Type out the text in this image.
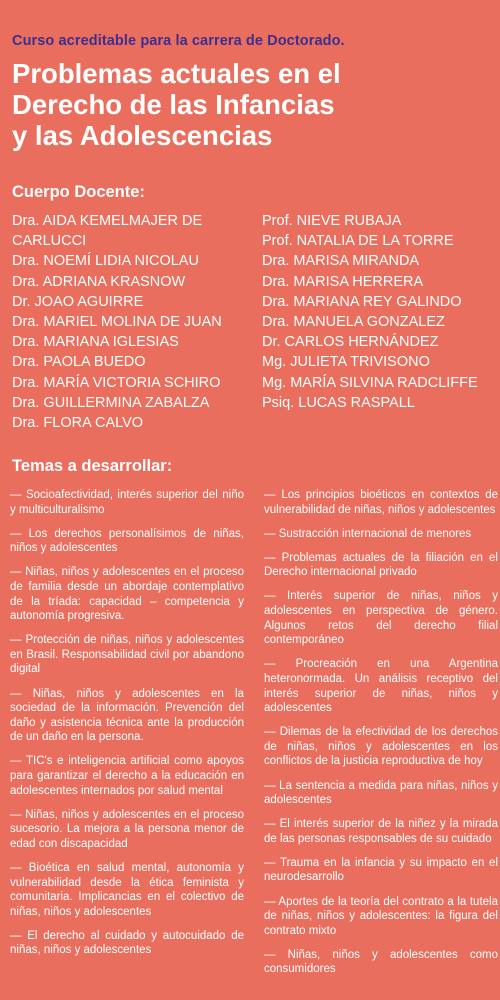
Curso acreditable para la carrera de Doctorado.
Problemas actuales en el
Derecho de las Infancias
y las Adolescencias
Cuerpo Docente:
Dra. AIDA KEMELMAJER DE CARLUCCI
Dra. NOEMÍ LIDIA NICOLAU
Dra. ADRIANA KRASNOW
Dr. JOAO AGUIRRE
Dra. MARIEL MOLINA DE JUAN
Dra. MARIANA IGLESIAS
Dra. PAOLA BUEDO
Dra. MARÍA VICTORIA SCHIRO
Dra. GUILLERMINA ZABALZA
Dra. FLORA CALVO
Prof. NIEVE RUBAJA
Prof. NATALIA DE LA TORRE
Dra. MARISA MIRANDA
Dra. MARISA HERRERA
Dra. MARIANA REY GALINDO
Dra. MANUELA GONZALEZ
Dr. CARLOS HERNÁNDEZ
Mg. JULIETA TRIVISONO
Mg. MARÍA SILVINA RADCLIFFE
Psiq. LUCAS RASPALL
Temas a desarrollar:

— Socioafectividad, interés superior del niño y multiculturalismo

— Los derechos personalísimos de niñas, niños y adolescentes

— Niñas, niños y adolescentes en el proceso de familia desde un abordaje contemplativo de la tríada: capacidad – competencia y autonomía progresiva.

— Protección de niñas, niños y adolescentes en Brasil. Responsabilidad civil por abandono digital

— Niñas, niños y adolescentes en la sociedad de la información. Prevención del daño y asistencia técnica ante la producción de un daño en la persona.

— TIC's e inteligencia artificial como apoyos para garantizar el derecho a la educación en adolescentes internados por salud mental

— Niñas, niños y adolescentes en el proceso sucesorio. La mejora a la persona menor de edad con discapacidad

— Bioética en salud mental, autonomía y vulnerabilidad desde la ética feminista y comunitaria. Implicancias en el colectivo de niñas, niños y adolescentes

— El derecho al cuidado y autocuidado de niñas, niños y adolescentes

— Los principios bioéticos en contextos de vulnerabilidad de niñas, niños y adolescentes

— Sustracción internacional de menores

— Problemas actuales de la filiación en el Derecho internacional privado

— Interés superior de niñas, niños y adolescentes en perspectiva de género. Algunos retos del derecho filial contemporáneo

— Procreación en una Argentina heteronormada. Un análisis receptivo del interés superior de niñas, niños y adolescentes

— Dilemas de la efectividad de los derechos de niñas, niños y adolescentes en los conflictos de la justicia reproductiva de hoy

— La sentencia a medida para niñas, niños y adolescentes

— El interés superior de la niñez y la mirada de las personas responsables de su cuidado

— Trauma en la infancia y su impacto en el neurodesarrollo

— Aportes de la teoría del contrato a la tutela de niñas, niños y adolescentes: la figura del contrato mixto

— Niñas, niños y adolescentes como consumidores
